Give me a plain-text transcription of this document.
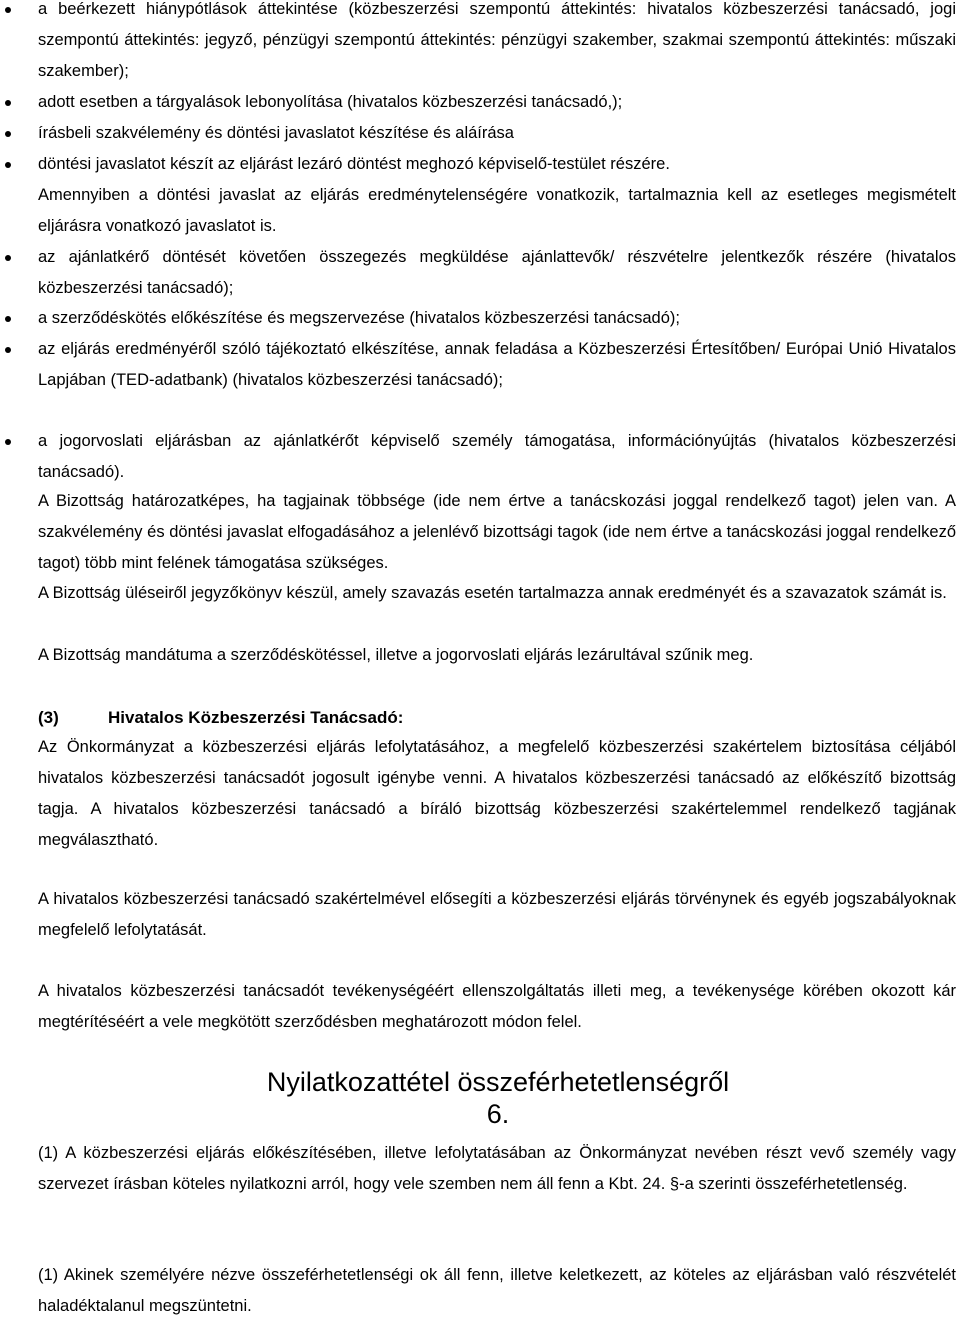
a beérkezett hiánypótlások áttekintése (közbeszerzési szempontú áttekintés: hivatalos közbeszerzési tanácsadó, jogi szempontú áttekintés: jegyző, pénzügyi szempontú áttekintés: pénzügyi szakember, szakmai szempontú áttekintés: műszaki szakember);

adott esetben a tárgyalások lebonyolítása (hivatalos közbeszerzési tanácsadó,);

írásbeli szakvélemény és döntési javaslatot készítése és aláírása

döntési javaslatot készít az eljárást lezáró döntést meghozó képviselő-testület részére.

Amennyiben a döntési javaslat az eljárás eredménytelenségére vonatkozik, tartalmaznia kell az esetleges megismételt eljárásra vonatkozó javaslatot is.

az ajánlatkérő döntését követően összegezés megküldése ajánlattevők/ részvételre jelentkezők részére (hivatalos közbeszerzési tanácsadó);

a szerződéskötés előkészítése és megszervezése (hivatalos közbeszerzési tanácsadó);

az eljárás eredményéről szóló tájékoztató elkészítése, annak feladása a Közbeszerzési Értesítőben/ Európai Unió Hivatalos Lapjában (TED-adatbank) (hivatalos közbeszerzési tanácsadó);

a jogorvoslati eljárásban az ajánlatkérőt képviselő személy támogatása, információnyújtás (hivatalos közbeszerzési tanácsadó).

A Bizottság határozatképes, ha tagjainak többsége (ide nem értve a tanácskozási joggal rendelkező tagot) jelen van. A szakvélemény és döntési javaslat elfogadásához a jelenlévő bizottsági tagok (ide nem értve a tanácskozási joggal rendelkező tagot) több mint felének támogatása szükséges.

A Bizottság üléseiről jegyzőkönyv készül, amely szavazás esetén tartalmazza annak eredményét és a szavazatok számát is.

A Bizottság mandátuma a szerződéskötéssel, illetve a jogorvoslati eljárás lezárultával szűnik meg.

(3)	Hivatalos Közbeszerzési Tanácsadó:

Az Önkormányzat a közbeszerzési eljárás lefolytatásához, a megfelelő közbeszerzési szakértelem biztosítása céljából hivatalos közbeszerzési tanácsadót jogosult igénybe venni. A hivatalos közbeszerzési tanácsadó az előkészítő bizottság tagja. A hivatalos közbeszerzési tanácsadó a bíráló bizottság közbeszerzési szakértelemmel rendelkező tagjának megválasztható.

A hivatalos közbeszerzési tanácsadó szakértelmével elősegíti a közbeszerzési eljárás törvénynek és egyéb jogszabályoknak megfelelő lefolytatását.

A hivatalos közbeszerzési tanácsadót tevékenységéért ellenszolgáltatás illeti meg, a tevékenysége körében okozott kár megtérítéséért a vele megkötött szerződésben meghatározott módon felel.

Nyilatkozattétel összeférhetetlenségről
6.

(1) A közbeszerzési eljárás előkészítésében, illetve lefolytatásában az Önkormányzat nevében részt vevő személy vagy szervezet írásban köteles nyilatkozni arról, hogy vele szemben nem áll fenn a Kbt. 24. §-a szerinti összeférhetetlenség.

(1) Akinek személyére nézve összeférhetetlenségi ok áll fenn, illetve keletkezett, az köteles az eljárásban való részvételét haladéktalanul megszüntetni.
